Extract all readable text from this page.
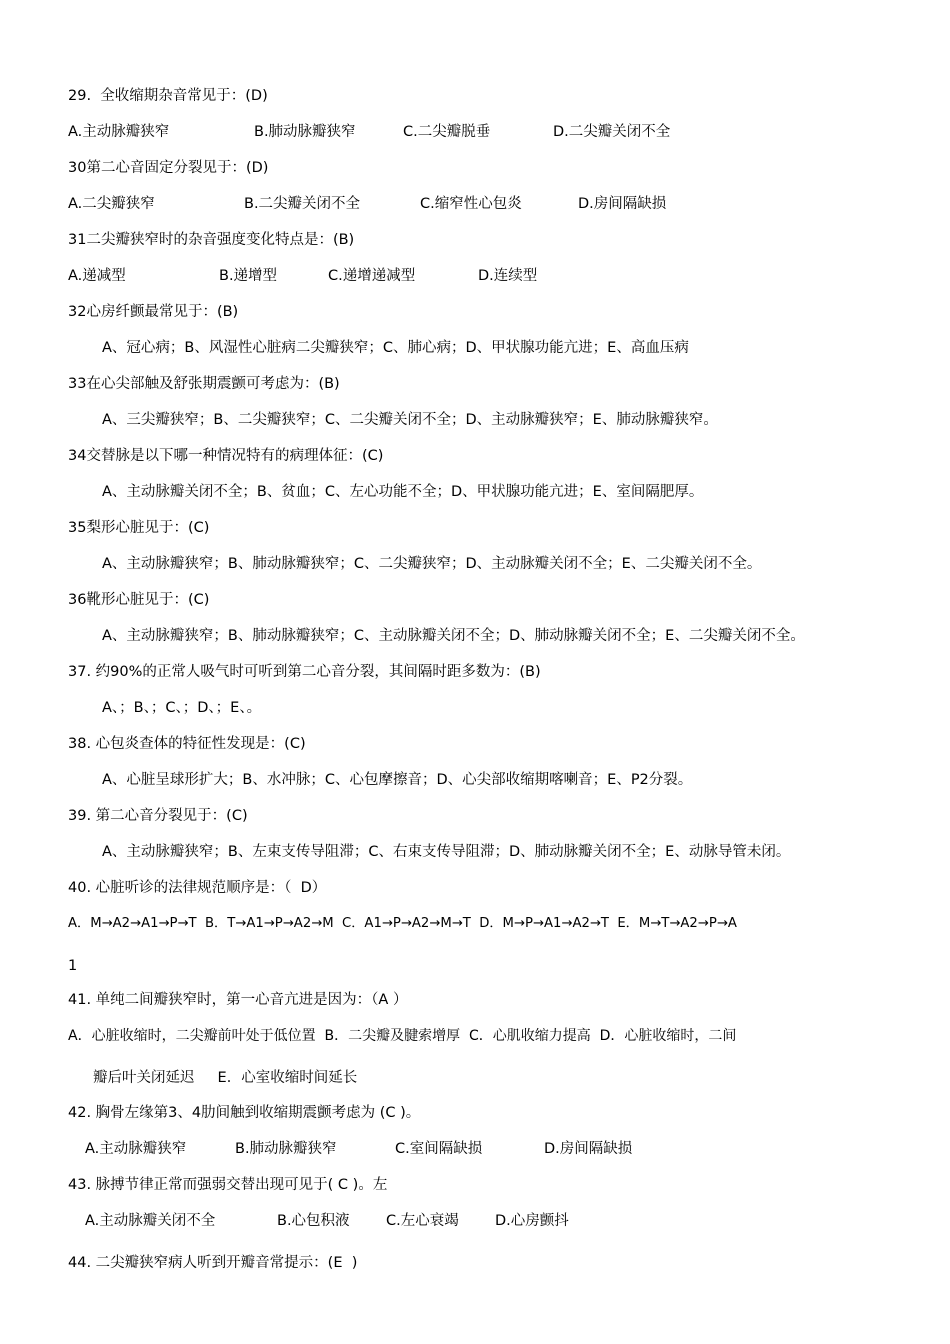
29.  全收缩期杂音常见于：(D)
A.主动脉瓣狭窄	B.肺动脉瓣狭窄	C.二尖瓣脱垂	D.二尖瓣关闭不全
30第二心音固定分裂见于：(D)
A.二尖瓣狭窄	B.二尖瓣关闭不全	C.缩窄性心包炎	D.房间隔缺损
31二尖瓣狭窄时的杂音强度变化特点是：(B)
A.递减型	B.递增型	C.递增递减型	D.连续型
32心房纤颤最常见于：(B)
A、冠心病；B、风湿性心脏病二尖瓣狭窄；C、肺心病；D、甲状腺功能亢进；E、高血压病
33在心尖部触及舒张期震颤可考虑为：(B)
A、三尖瓣狭窄；B、二尖瓣狭窄；C、二尖瓣关闭不全；D、主动脉瓣狭窄；E、肺动脉瓣狭窄。
34交替脉是以下哪一种情况特有的病理体征：(C)
A、主动脉瓣关闭不全；B、贫血；C、左心功能不全；D、甲状腺功能亢进；E、室间隔肥厚。
35梨形心脏见于：(C)
A、主动脉瓣狭窄；B、肺动脉瓣狭窄；C、二尖瓣狭窄；D、主动脉瓣关闭不全；E、二尖瓣关闭不全。
36靴形心脏见于：(C)
A、主动脉瓣狭窄；B、肺动脉瓣狭窄；C、主动脉瓣关闭不全；D、肺动脉瓣关闭不全；E、二尖瓣关闭不全。
37. 约90%的正常人吸气时可听到第二心音分裂，其间隔时距多数为：(B)
A、；B、；C、；D、；E、。
38. 心包炎查体的特征性发现是：(C)
A、心脏呈球形扩大；B、水冲脉；C、心包摩擦音；D、心尖部收缩期喀喇音；E、P2分裂。
39. 第二心音分裂见于：(C)
A、主动脉瓣狭窄；B、左束支传导阻滞；C、右束支传导阻滞；D、肺动脉瓣关闭不全；E、动脉导管未闭。
40. 心脏听诊的法律规范顺序是：（  D）
A．M→A2→A1→P→T  B．T→A1→P→A2→M  C．A1→P→A2→M→T  D．M→P→A1→A2→T  E．M→T→A2→P→A
1
41. 单纯二间瓣狭窄时，第一心音亢进是因为：（A ）
A．心脏收缩时，二尖瓣前叶处于低位置  B．二尖瓣及腱索增厚  C．心肌收缩力提高  D．心脏收缩时，二间
瓣后叶关闭延迟     E．心室收缩时间延长
42. 胸骨左缘第3、4肋间触到收缩期震颤考虑为 (C )。
A.主动脉瓣狭窄	B.肺动脉瓣狭窄	C.室间隔缺损	D.房间隔缺损
43. 脉搏节律正常而强弱交替出现可见于( C )。左
A.主动脉瓣关闭不全	B.心包积液	C.左心衰竭	D.心房颤抖
44. 二尖瓣狭窄病人听到开瓣音常提示：(E  )
